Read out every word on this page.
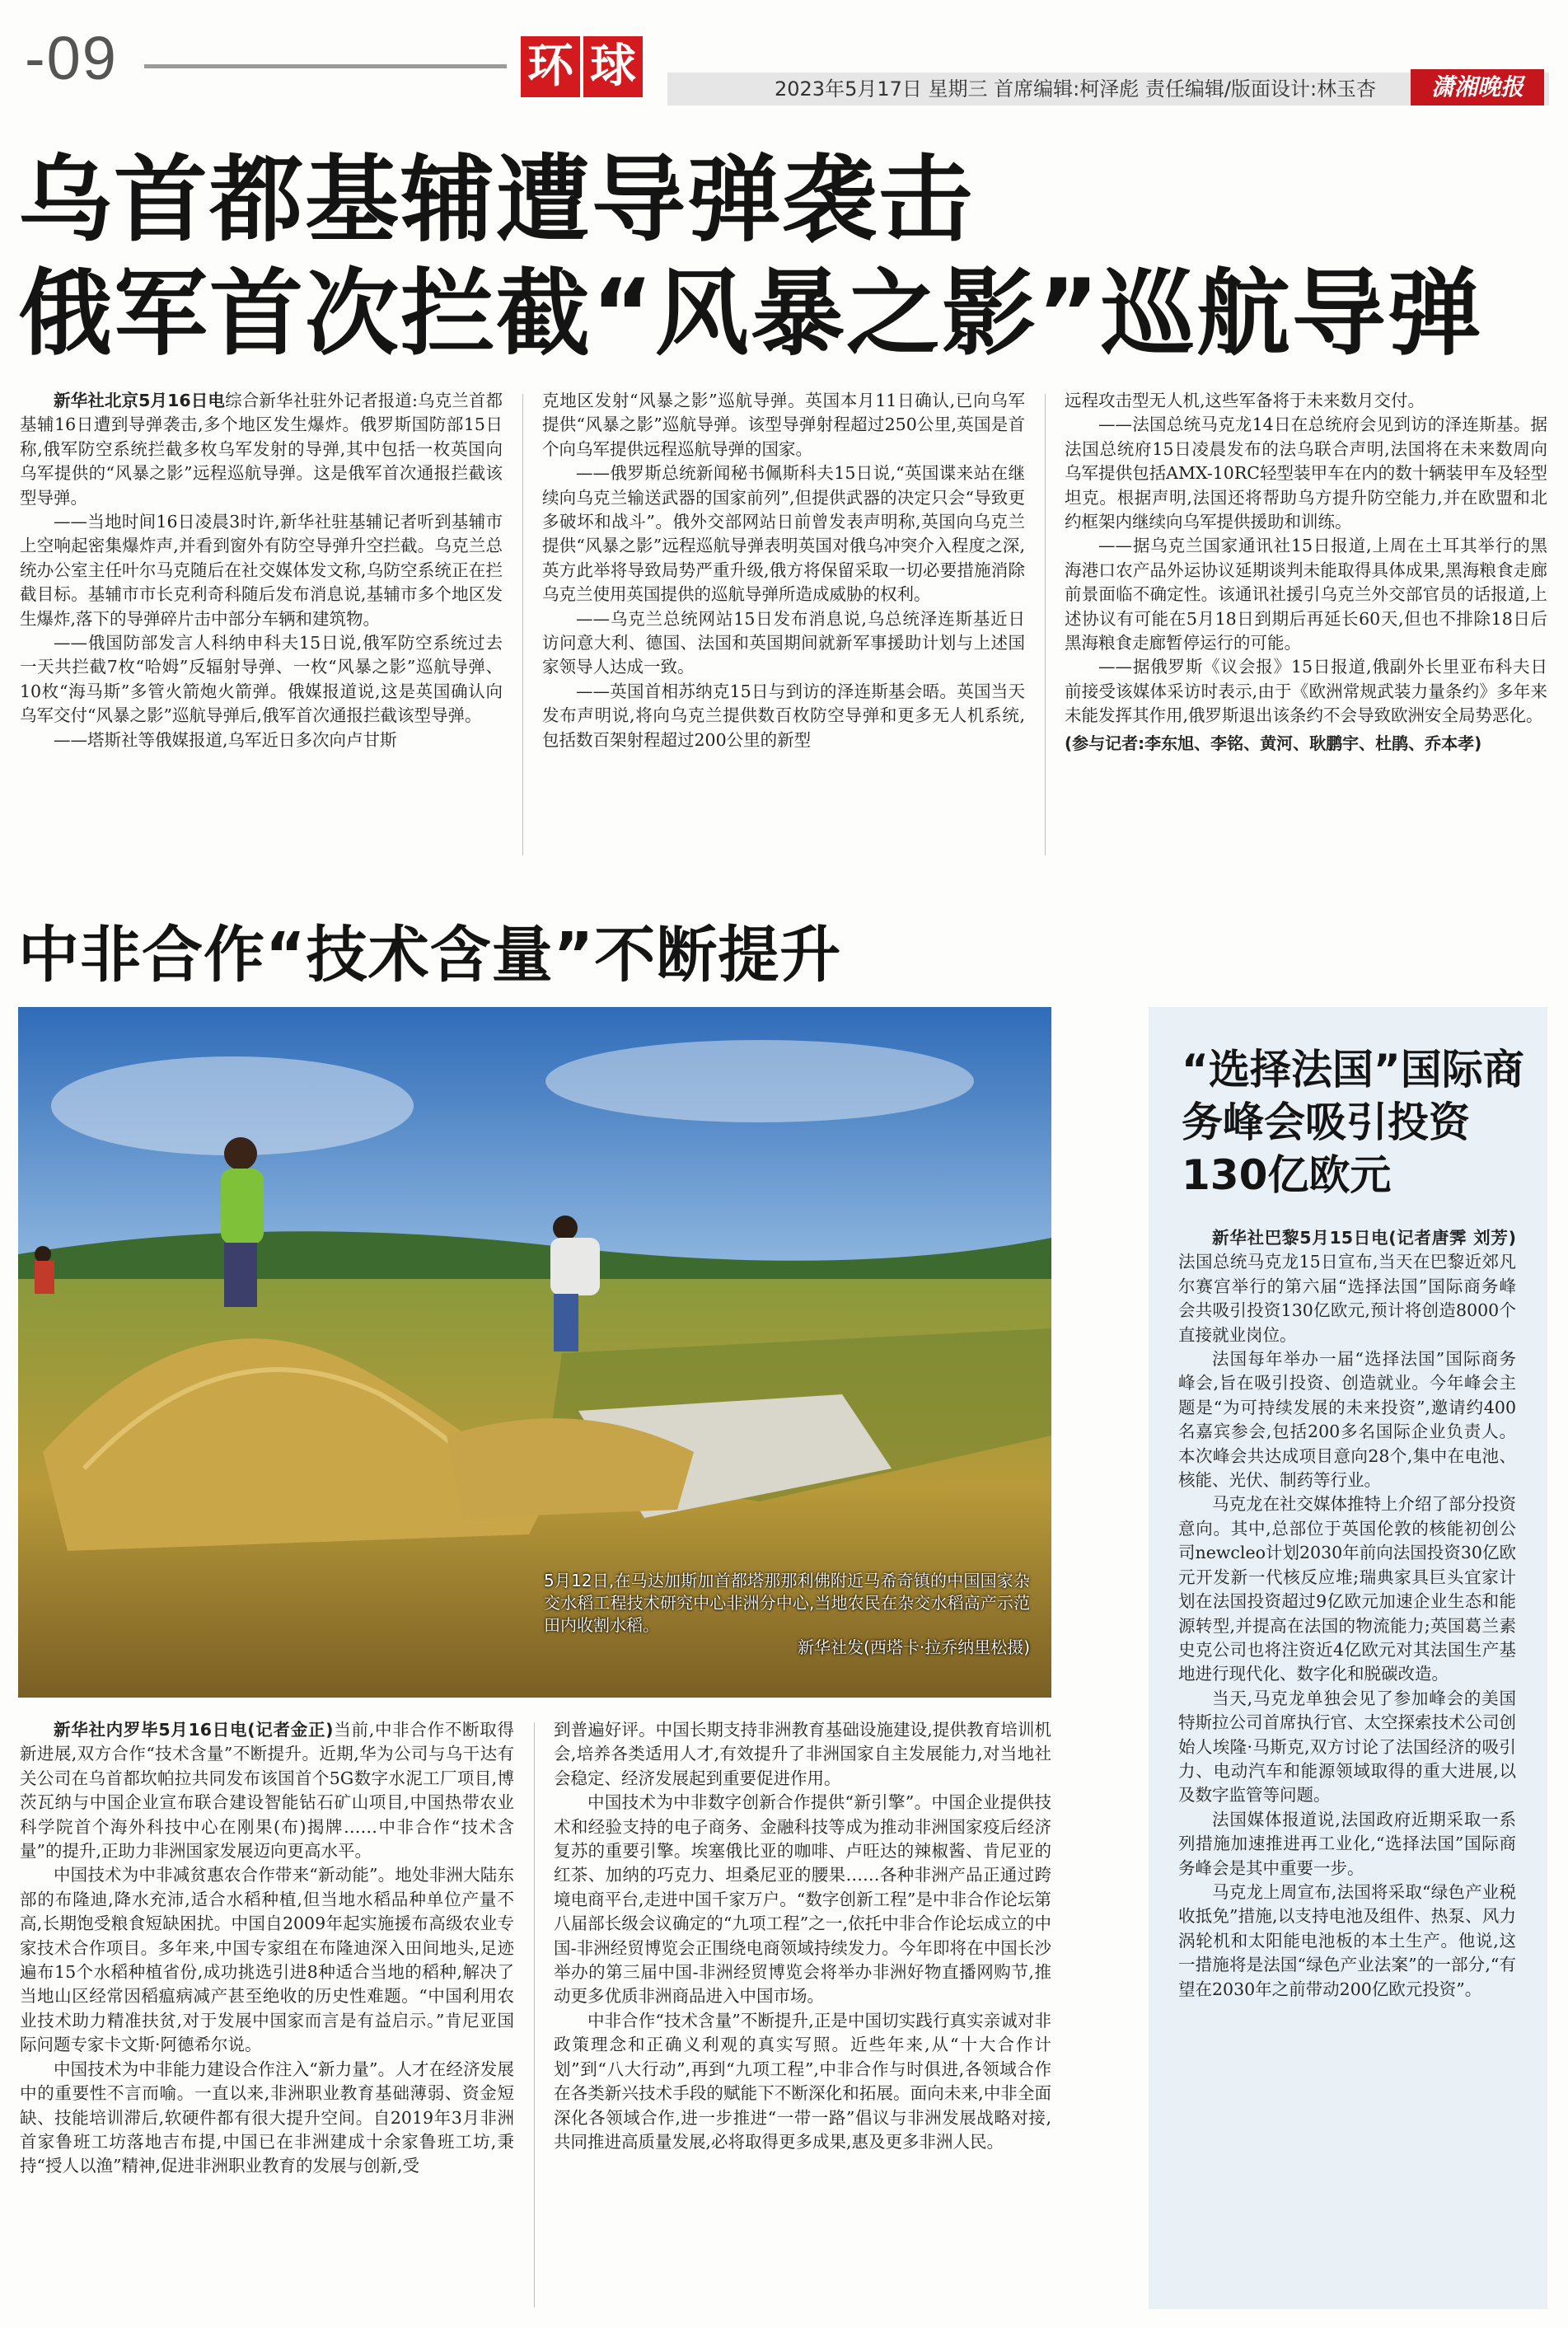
-09	环 球	2023年5月17日 星期三 首席编辑:柯泽彪 责任编辑/版面设计:林玉杏	潇湘晚报
乌首都基辅遭导弹袭击
俄军首次拦截“风暴之影”巡航导弹

新华社北京5月16日电综合新华社驻外记者报道:乌克兰首都基辅16日遭到导弹袭击,多个地区发生爆炸。俄罗斯国防部15日称,俄军防空系统拦截多枚乌军发射的导弹,其中包括一枚英国向乌军提供的“风暴之影”远程巡航导弹。这是俄军首次通报拦截该型导弹。

——当地时间16日凌晨3时许,新华社驻基辅记者听到基辅市上空响起密集爆炸声,并看到窗外有防空导弹升空拦截。乌克兰总统办公室主任叶尔马克随后在社交媒体发文称,乌防空系统正在拦截目标。基辅市市长克利奇科随后发布消息说,基辅市多个地区发生爆炸,落下的导弹碎片击中部分车辆和建筑物。

——俄国防部发言人科纳申科夫15日说,俄军防空系统过去一天共拦截7枚“哈姆”反辐射导弹、一枚“风暴之影”巡航导弹、10枚“海马斯”多管火箭炮火箭弹。俄媒报道说,这是英国确认向乌军交付“风暴之影”巡航导弹后,俄军首次通报拦截该型导弹。

——塔斯社等俄媒报道,乌军近日多次向卢甘斯

克地区发射“风暴之影”巡航导弹。英国本月11日确认,已向乌军提供“风暴之影”巡航导弹。该型导弹射程超过250公里,英国是首个向乌军提供远程巡航导弹的国家。

——俄罗斯总统新闻秘书佩斯科夫15日说,“英国谍来站在继续向乌克兰输送武器的国家前列”,但提供武器的决定只会“导致更多破坏和战斗”。俄外交部网站日前曾发表声明称,英国向乌克兰提供“风暴之影”远程巡航导弹表明英国对俄乌冲突介入程度之深,英方此举将导致局势严重升级,俄方将保留采取一切必要措施消除乌克兰使用英国提供的巡航导弹所造成威胁的权利。

——乌克兰总统网站15日发布消息说,乌总统泽连斯基近日访问意大利、德国、法国和英国期间就新军事援助计划与上述国家领导人达成一致。

——英国首相苏纳克15日与到访的泽连斯基会晤。英国当天发布声明说,将向乌克兰提供数百枚防空导弹和更多无人机系统,包括数百架射程超过200公里的新型

远程攻击型无人机,这些军备将于未来数月交付。

——法国总统马克龙14日在总统府会见到访的泽连斯基。据法国总统府15日凌晨发布的法乌联合声明,法国将在未来数周向乌军提供包括AMX-10RC轻型装甲车在内的数十辆装甲车及轻型坦克。根据声明,法国还将帮助乌方提升防空能力,并在欧盟和北约框架内继续向乌军提供援助和训练。

——据乌克兰国家通讯社15日报道,上周在土耳其举行的黑海港口农产品外运协议延期谈判未能取得具体成果,黑海粮食走廊前景面临不确定性。该通讯社援引乌克兰外交部官员的话报道,上述协议有可能在5月18日到期后再延长60天,但也不排除18日后黑海粮食走廊暂停运行的可能。

——据俄罗斯《议会报》15日报道,俄副外长里亚布科夫日前接受该媒体采访时表示,由于《欧洲常规武装力量条约》多年来未能发挥其作用,俄罗斯退出该条约不会导致欧洲安全局势恶化。

(参与记者:李东旭、李铭、黄河、耿鹏宇、杜鹃、乔本孝)
中非合作“技术含量”不断提升
5月12日,在马达加斯加首都塔那那利佛附近马希奇镇的中国国家杂交水稻工程技术研究中心非洲分中心,当地农民在杂交水稻高产示范田内收割水稻。
新华社发(西塔卡·拉乔纳里松摄)

新华社内罗毕5月16日电(记者金正)当前,中非合作不断取得新进展,双方合作“技术含量”不断提升。近期,华为公司与乌干达有关公司在乌首都坎帕拉共同发布该国首个5G数字水泥工厂项目,博茨瓦纳与中国企业宣布联合建设智能钻石矿山项目,中国热带农业科学院首个海外科技中心在刚果(布)揭牌……中非合作“技术含量”的提升,正助力非洲国家发展迈向更高水平。

中国技术为中非减贫惠农合作带来“新动能”。地处非洲大陆东部的布隆迪,降水充沛,适合水稻种植,但当地水稻品种单位产量不高,长期饱受粮食短缺困扰。中国自2009年起实施援布高级农业专家技术合作项目。多年来,中国专家组在布隆迪深入田间地头,足迹遍布15个水稻种植省份,成功挑选引进8种适合当地的稻种,解决了当地山区经常因稻瘟病减产甚至绝收的历史性难题。“中国利用农业技术助力精准扶贫,对于发展中国家而言是有益启示。”肯尼亚国际问题专家卡文斯·阿德希尔说。

中国技术为中非能力建设合作注入“新力量”。人才在经济发展中的重要性不言而喻。一直以来,非洲职业教育基础薄弱、资金短缺、技能培训滞后,软硬件都有很大提升空间。自2019年3月非洲首家鲁班工坊落地吉布提,中国已在非洲建成十余家鲁班工坊,秉持“授人以渔”精神,促进非洲职业教育的发展与创新,受

到普遍好评。中国长期支持非洲教育基础设施建设,提供教育培训机会,培养各类适用人才,有效提升了非洲国家自主发展能力,对当地社会稳定、经济发展起到重要促进作用。

中国技术为中非数字创新合作提供“新引擎”。中国企业提供技术和经验支持的电子商务、金融科技等成为推动非洲国家疫后经济复苏的重要引擎。埃塞俄比亚的咖啡、卢旺达的辣椒酱、肯尼亚的红茶、加纳的巧克力、坦桑尼亚的腰果……各种非洲产品正通过跨境电商平台,走进中国千家万户。“数字创新工程”是中非合作论坛第八届部长级会议确定的“九项工程”之一,依托中非合作论坛成立的中国-非洲经贸博览会正围绕电商领域持续发力。今年即将在中国长沙举办的第三届中国-非洲经贸博览会将举办非洲好物直播网购节,推动更多优质非洲商品进入中国市场。

中非合作“技术含量”不断提升,正是中国切实践行真实亲诚对非政策理念和正确义利观的真实写照。近些年来,从“十大合作计划”到“八大行动”,再到“九项工程”,中非合作与时俱进,各领域合作在各类新兴技术手段的赋能下不断深化和拓展。面向未来,中非全面深化各领域合作,进一步推进“一带一路”倡议与非洲发展战略对接,共同推进高质量发展,必将取得更多成果,惠及更多非洲人民。

“选择法国”国际商务峰会吸引投资130亿欧元

新华社巴黎5月15日电(记者唐霁 刘芳)法国总统马克龙15日宣布,当天在巴黎近郊凡尔赛宫举行的第六届“选择法国”国际商务峰会共吸引投资130亿欧元,预计将创造8000个直接就业岗位。

法国每年举办一届“选择法国”国际商务峰会,旨在吸引投资、创造就业。今年峰会主题是“为可持续发展的未来投资”,邀请约400名嘉宾参会,包括200多名国际企业负责人。本次峰会共达成项目意向28个,集中在电池、核能、光伏、制药等行业。

马克龙在社交媒体推特上介绍了部分投资意向。其中,总部位于英国伦敦的核能初创公司newcleo计划2030年前向法国投资30亿欧元开发新一代核反应堆;瑞典家具巨头宜家计划在法国投资超过9亿欧元加速企业生态和能源转型,并提高在法国的物流能力;英国葛兰素史克公司也将注资近4亿欧元对其法国生产基地进行现代化、数字化和脱碳改造。

当天,马克龙单独会见了参加峰会的美国特斯拉公司首席执行官、太空探索技术公司创始人埃隆·马斯克,双方讨论了法国经济的吸引力、电动汽车和能源领域取得的重大进展,以及数字监管等问题。

法国媒体报道说,法国政府近期采取一系列措施加速推进再工业化,“选择法国”国际商务峰会是其中重要一步。

马克龙上周宣布,法国将采取“绿色产业税收抵免”措施,以支持电池及组件、热泵、风力涡轮机和太阳能电池板的本土生产。他说,这一措施将是法国“绿色产业法案”的一部分,“有望在2030年之前带动200亿欧元投资”。
